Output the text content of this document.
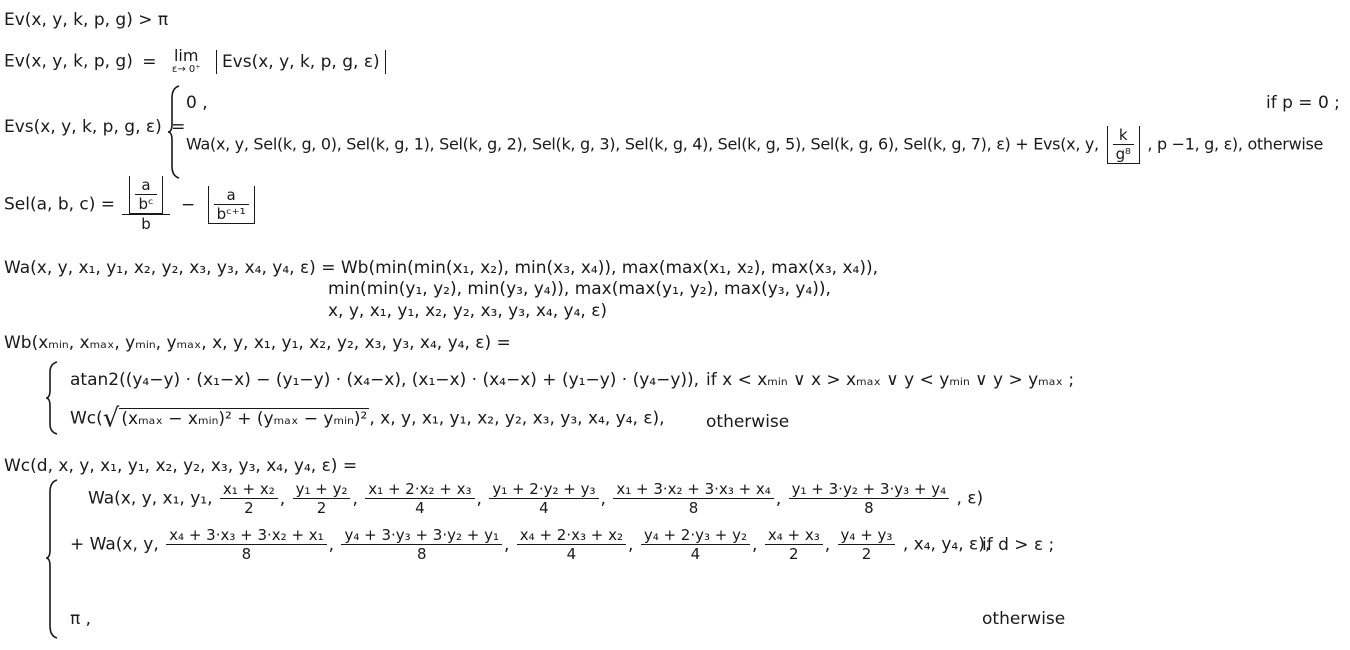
Ev(x, y, k, p, g) > π
Ev(x, y, k, p, g) = lim
ε→ 0⁺ Evs(x, y, k, p, g, ε)
Evs(x, y, k, p, g, ε) =
0 ,	if p = 0 ;
Wa(x, y, Sel(k, g, 0), Sel(k, g, 1), Sel(k, g, 2), Sel(k, g, 3), Sel(k, g, 4), Sel(k, g, 5), Sel(k, g, 6), Sel(k, g, 7), ε) + Evs(x, y, $\frac{k}{\text{g⁸}}$ , p −1, g, ε), otherwise
Sel(a, b, $c) = \frac{\frac{a}{\text{bᶜ}}}{b} - \frac{a}{\text{bᶜ⁺¹}}$
Wa(x, y, x₁, y₁, x₂, y₂, x₃, y₃, x₄, y₄, ε) = Wb(min(min(x₁, x₂), min(x₃, x₄)), max(max(x₁, x₂), max(x₃, x₄)),
min(min(y₁, y₂), min(y₃, y₄)), max(max(y₁, y₂), max(y₃, y₄)),
x, y, x₁, y₁, x₂, y₂, x₃, y₃, x₄, y₄, ε)
Wb(xₘᵢₙ, xₘₐₓ, yₘᵢₙ, yₘₐₓ, x, y, x₁, y₁, x₂, y₂, x₃, y₃, x₄, y₄, ε) =
atan2((y₄−y) · (x₁−x) − (y₁−y) · (x₄−x), (x₁−x) · (x₄−x) + (y₁−y) · (y₄−y)), if x < xₘᵢₙ ∨ x > xₘₐₓ ∨ y < yₘᵢₙ ∨ y > yₘₐₓ ;
Wc(√ (xₘₐₓ − xₘᵢₙ)² + (yₘₐₓ − yₘᵢₙ)² , x, y, x₁, y₁, x₂, y₂, x₃, y₃, x₄, y₄, ε), otherwise
Wc(d, x, y, x₁, y₁, x₂, y₂, x₃, y₃, x₄, y₄, ε) =
Wa(x, y, x₁, y₁, $\frac{\text{x₁ + x₂}}{2}$ , $\frac{\text{y₁ + y₂}}{2}$ , $\frac{\text{x₁ + 2·x₂ + x₃}}{4}$ , $\frac{\text{y₁ + 2·y₂ + y₃}}{4}$ , $\frac{\text{x₁ + 3·x₂ + 3·x₃ + x₄}}{8}$ , $\frac{\text{y₁ + 3·y₂ + 3·y₃ + y₄}}{8}$ , ε)
+ Wa(x, y, $\frac{\text{x₄ + 3·x₃ + 3·x₂ + x₁}}{8}$ , $\frac{\text{y₄ + 3·y₃ + 3·y₂ + y₁}}{8}$ , $\frac{\text{x₄ + 2·x₃ + x₂}}{4}$ , $\frac{\text{y₄ + 2·y₃ + y₂}}{4}$ , $\frac{\text{x₄ + x₃}}{2}$ , $\frac{\text{y₄ + y₃}}{2}$ , x₄, y₄, ε),
if d > ε ;
π ,	otherwise
